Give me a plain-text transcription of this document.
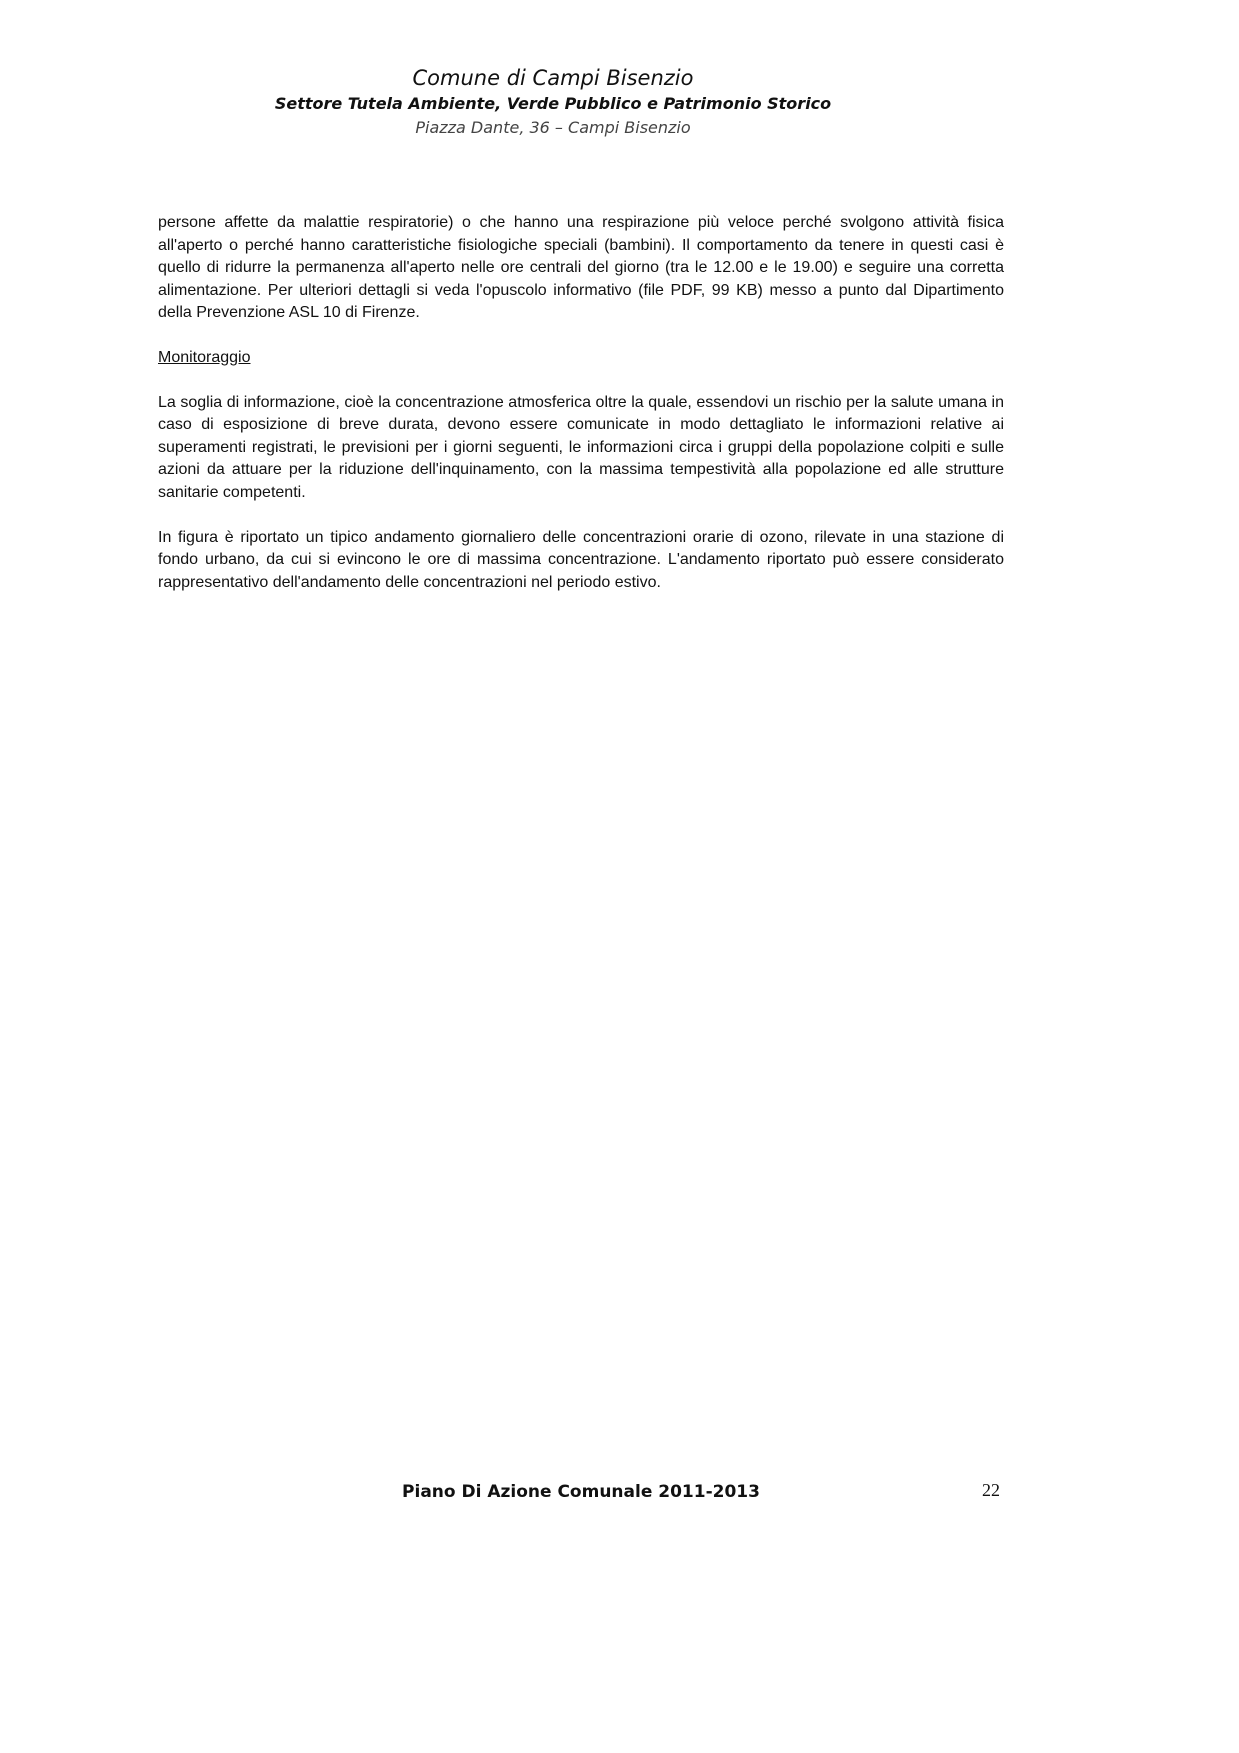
Comune di Campi Bisenzio
Settore Tutela Ambiente, Verde Pubblico e Patrimonio Storico
Piazza Dante, 36 – Campi Bisenzio

persone affette da malattie respiratorie) o che hanno una respirazione più veloce perché svolgono attività fisica all'aperto o perché hanno caratteristiche fisiologiche speciali (bambini). Il comportamento da tenere in questi casi è quello di ridurre la permanenza all'aperto nelle ore centrali del giorno (tra le 12.00 e le 19.00) e seguire una corretta alimentazione. Per ulteriori dettagli si veda l'opuscolo informativo (file PDF, 99 KB) messo a punto dal Dipartimento della Prevenzione ASL 10 di Firenze.

Monitoraggio

La soglia di informazione, cioè la concentrazione atmosferica oltre la quale, essendovi un rischio per la salute umana in caso di esposizione di breve durata, devono essere comunicate in modo dettagliato le informazioni relative ai superamenti registrati, le previsioni per i giorni seguenti, le informazioni circa i gruppi della popolazione colpiti e sulle azioni da attuare per la riduzione dell'inquinamento, con la massima tempestività alla popolazione ed alle strutture sanitarie competenti.

In figura è riportato un tipico andamento giornaliero delle concentrazioni orarie di ozono, rilevate in una stazione di fondo urbano, da cui si evincono le ore di massima concentrazione. L'andamento riportato può essere considerato rappresentativo dell'andamento delle concentrazioni nel periodo estivo.

Piano Di Azione Comunale 2011-2013	22
